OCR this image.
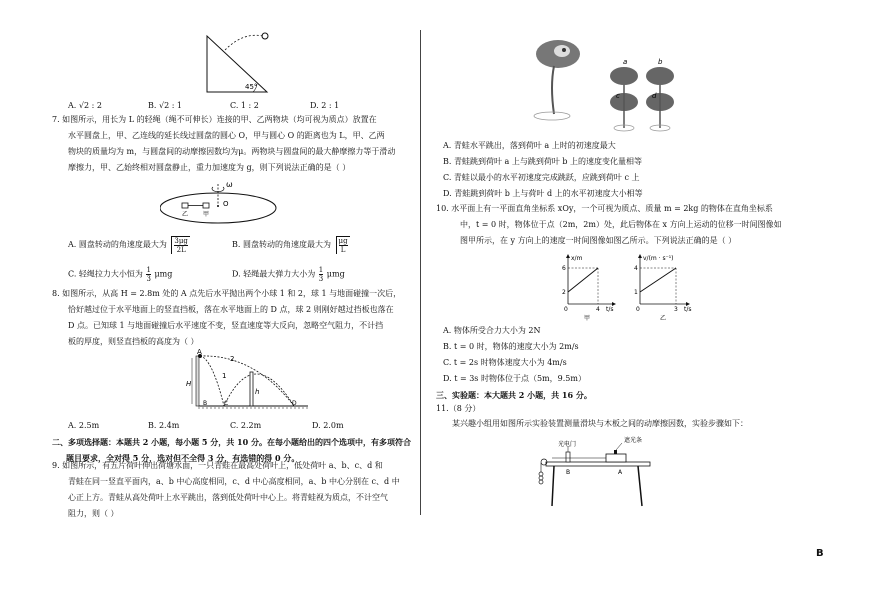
45°
A. √2 : 2	B. √2 : 1	C. 1 : 2	D. 2 : 1
7. 如图所示，用长为 L 的轻绳（绳不可伸长）连接的甲、乙两物块（均可视为质点）放置在
水平圆盘上，甲、乙连线的延长线过圆盘的圆心 O，甲与圆心 O 的距离也为 L，甲、乙两
物块的质量均为 m，与圆盘间的动摩擦因数均为μ。两物块与圆盘间的最大静摩擦力等于滑动
摩擦力，甲、乙始终相对圆盘静止，重力加速度为 g，则下列说法正确的是（ ）
ω
O
乙 甲
A. 圆盘转动的角速度最大为 $\frac{3\mu g}{2L}$	B. 圆盘转动的角速度最大为 $\frac{\mu g}{L}$
C. 轻绳拉力大小恒为 $\frac{1}{3}$ μmg	D. 轻绳最大弹力大小为 $\frac{1}{3}$ μmg
8. 如图所示，从高 H = 2.8m 处的 A 点先后水平抛出两个小球 1 和 2，球 1 与地面碰撞一次后，
恰好越过位于水平地面上的竖直挡板，落在水平地面上的 D 点，球 2 则刚好越过挡板也落在
D 点。已知球 1 与地面碰撞后水平速度不变，竖直速度等大反向，忽略空气阻力，不计挡
板的厚度，则竖直挡板的高度为（ ）
A
H
1
2
h
B	C	D
A. 2.5m	B. 2.4m	C. 2.2m	D. 2.0m
二、多项选择题：本题共 2 小题，每小题 5 分，共 10 分。在每小题给出的四个选项中，有多项符合
题目要求，全对得 5 分，选对但不全得 3 分，有选错的得 0 分。
9. 如图所示，有五片荷叶伸出荷塘水面，一只青蛙在最高处荷叶上，低处荷叶 a、b、c、d 和
青蛙在同一竖直平面内，a、b 中心高度相同，c、d 中心高度相同，a、b 中心分别在 c、d 中
心正上方。青蛙从高处荷叶上水平跳出，落到低处荷叶中心上。将青蛙视为质点，不计空气
阻力，则（ ）
a	b
c	d
A. 青蛙水平跳出，落到荷叶 a 上时的初速度最大
B. 青蛙跳到荷叶 a 上与跳到荷叶 b 上的速度变化量相等
C. 青蛙以最小的水平初速度完成跳跃，应跳到荷叶 c 上
D. 青蛙跳到荷叶 b 上与荷叶 d 上的水平初速度大小相等
10. 水平面上有一平面直角坐标系 xOy，一个可视为质点、质量 m = 2kg 的物体在直角坐标系
中，t = 0 时，物体位于点（2m，2m）处，此后物体在 x 方向上运动的位移一时间图像如
图甲所示，在 y 方向上的速度一时间图像如图乙所示。下列说法正确的是（ ）
x/m
6
2
0	4 t/s
甲
v/(m · s⁻¹)
4
1
0	3 t/s
乙
A. 物体所受合力大小为 2N
B. t = 0 时，物体的速度大小为 2m/s
C. t = 2s 时物体速度大小为 4m/s
D. t = 3s 时物体位于点（5m，9.5m）
三、实验题：本大题共 2 小题，共 16 分。
11.（8 分）
某兴趣小组用如图所示实验装置测量滑块与木板之间的动摩擦因数，实验步骤如下：
光电门
遮光条
A
B
B
